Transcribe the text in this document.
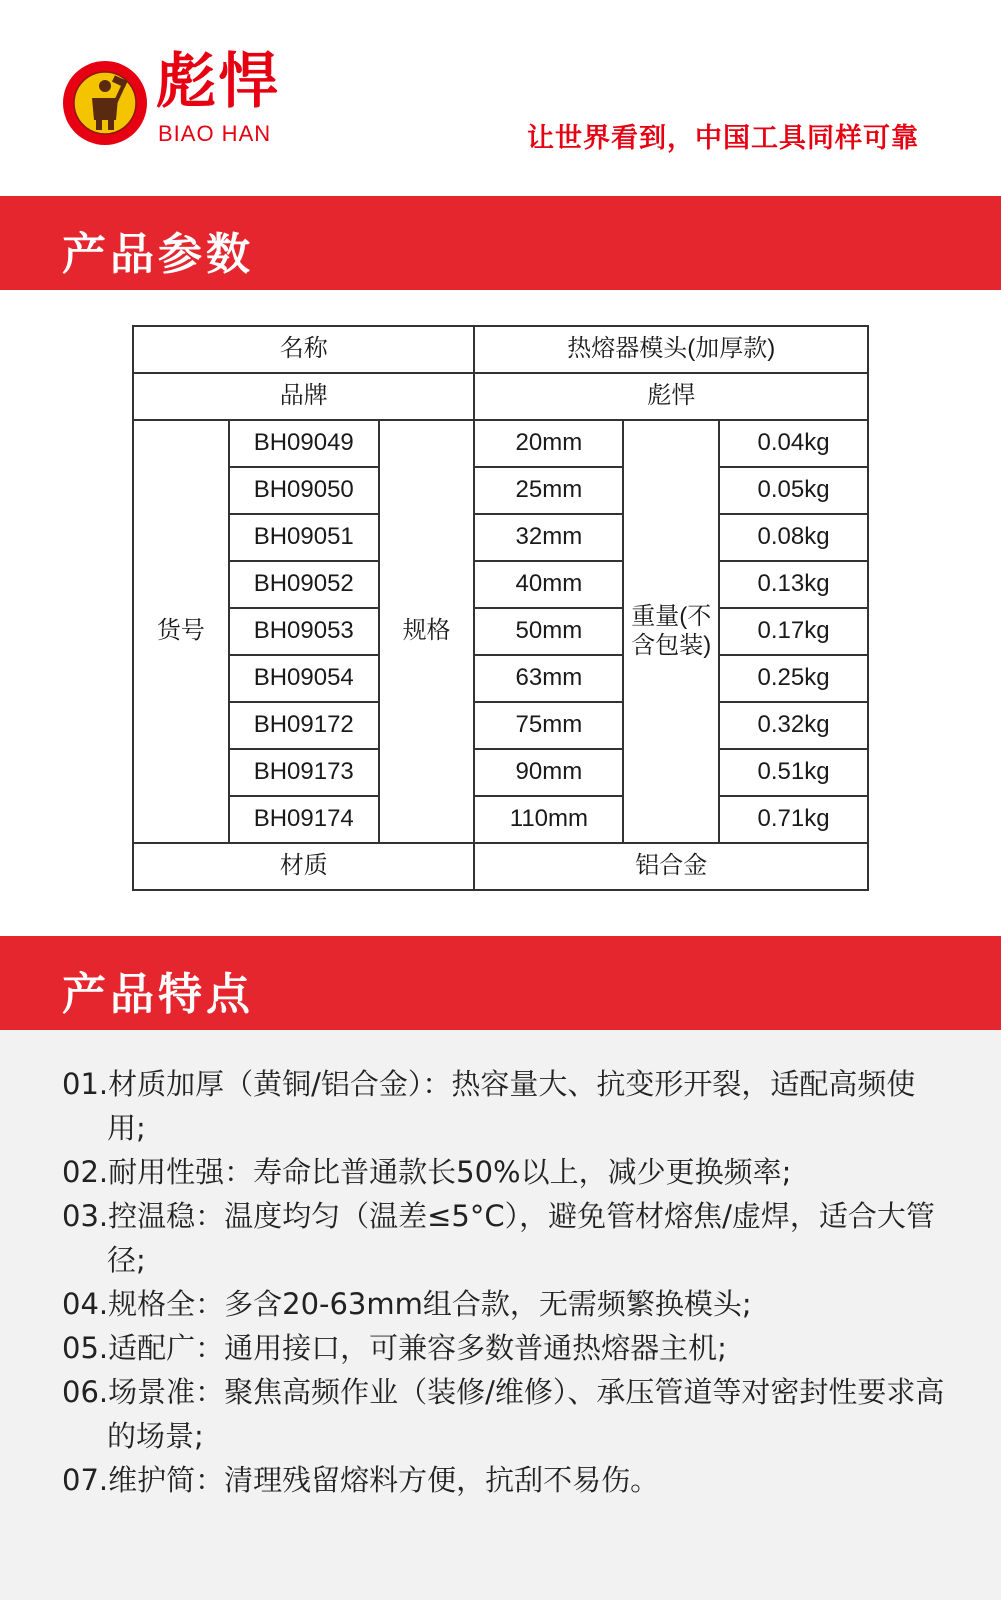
彪悍
BIAO HAN	让世界看到，中国工具同样可靠
产品参数
名称			热熔器模头(加厚款)		
品牌			彪悍		
货号	BH09049	规格	20mm	重量(不含包装)	0.04kg
	BH09050		25mm		0.05kg
	BH09051		32mm		0.08kg
	BH09052		40mm		0.13kg
	BH09053		50mm		0.17kg
	BH09054		63mm		0.25kg
	BH09172		75mm		0.32kg
	BH09173		90mm		0.51kg
	BH09174		110mm		0.71kg
材质			铝合金		
产品特点
01.材质加厚（黄铜/铝合金）：热容量大、抗变形开裂，适配高频使用;
02.耐用性强：寿命比普通款长50%以上，减少更换频率;
03.控温稳：温度均匀（温差≤5°C），避免管材熔焦/虚焊，适合大管径;
04.规格全：多含20-63mm组合款，无需频繁换模头;
05.适配广：通用接口，可兼容多数普通热熔器主机;
06.场景准：聚焦高频作业（装修/维修）、承压管道等对密封性要求高的场景;
07.维护简：清理残留熔料方便，抗刮不易伤。
